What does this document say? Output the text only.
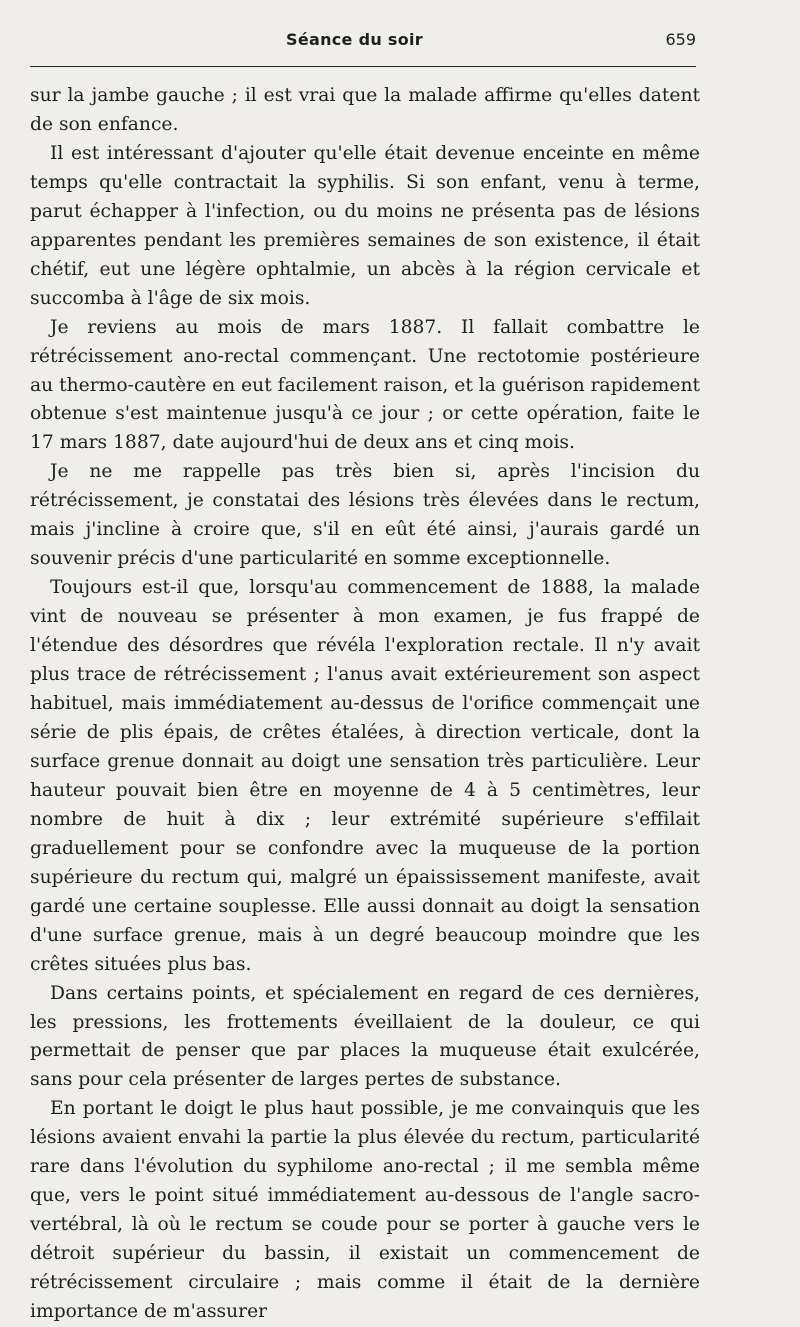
Séance du soir	659

sur la jambe gauche ; il est vrai que la malade affirme qu'elles datent de son enfance.

Il est intéressant d'ajouter qu'elle était devenue enceinte en même temps qu'elle contractait la syphilis. Si son enfant, venu à terme, parut échapper à l'infection, ou du moins ne présenta pas de lésions apparentes pendant les premières semaines de son existence, il était chétif, eut une légère ophtalmie, un abcès à la région cervicale et succomba à l'âge de six mois.

Je reviens au mois de mars 1887. Il fallait combattre le rétrécissement ano-rectal commençant. Une rectotomie postérieure au thermo-cautère en eut facilement raison, et la guérison rapidement obtenue s'est maintenue jusqu'à ce jour ; or cette opération, faite le 17 mars 1887, date aujourd'hui de deux ans et cinq mois.

Je ne me rappelle pas très bien si, après l'incision du rétrécissement, je constatai des lésions très élevées dans le rectum, mais j'incline à croire que, s'il en eût été ainsi, j'aurais gardé un souvenir précis d'une particularité en somme exceptionnelle.

Toujours est-il que, lorsqu'au commencement de 1888, la malade vint de nouveau se présenter à mon examen, je fus frappé de l'étendue des désordres que révéla l'exploration rectale. Il n'y avait plus trace de rétrécissement ; l'anus avait extérieurement son aspect habituel, mais immédiatement au-dessus de l'orifice commençait une série de plis épais, de crêtes étalées, à direction verticale, dont la surface grenue donnait au doigt une sensation très particulière. Leur hauteur pouvait bien être en moyenne de 4 à 5 centimètres, leur nombre de huit à dix ; leur extrémité supérieure s'effilait graduellement pour se confondre avec la muqueuse de la portion supérieure du rectum qui, malgré un épaississement manifeste, avait gardé une certaine souplesse. Elle aussi donnait au doigt la sensation d'une surface grenue, mais à un degré beaucoup moindre que les crêtes situées plus bas.

Dans certains points, et spécialement en regard de ces dernières, les pressions, les frottements éveillaient de la douleur, ce qui permettait de penser que par places la muqueuse était exulcérée, sans pour cela présenter de larges pertes de substance.

En portant le doigt le plus haut possible, je me convainquis que les lésions avaient envahi la partie la plus élevée du rectum, particularité rare dans l'évolution du syphilome ano-rectal ; il me sembla même que, vers le point situé immédiatement au-dessous de l'angle sacro-vertébral, là où le rectum se coude pour se porter à gauche vers le détroit supérieur du bassin, il existait un commencement de rétrécissement circulaire ; mais comme il était de la dernière importance de m'assurer
